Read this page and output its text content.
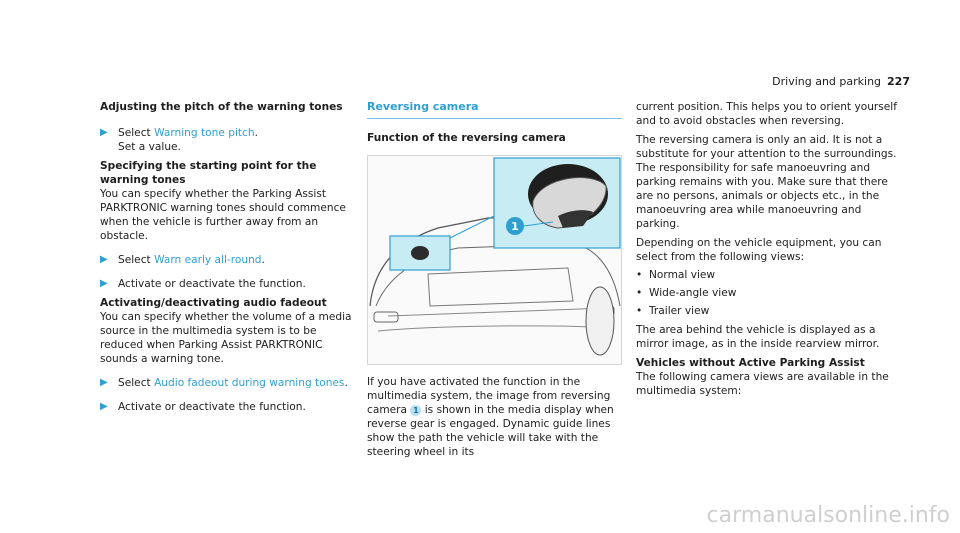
Driving and parking 227

Adjusting the pitch of the warning tones

▶ Select Warning tone pitch.

Set a value.

Specifying the starting point for the warning tones

You can specify whether the Parking Assist PARKTRONIC warning tones should commence when the vehicle is further away from an obstacle.

▶ Select Warn early all-round.

▶ Activate or deactivate the function.

Activating/deactivating audio fadeout

You can specify whether the volume of a media source in the multimedia system is to be reduced when Parking Assist PARKTRONIC sounds a warning tone.

▶ Select Audio fadeout during warning tones.

▶ Activate or deactivate the function.

Reversing camera

Function of the reversing camera

1

If you have activated the function in the multimedia system, the image from reversing camera 1 is shown in the media display when reverse gear is engaged. Dynamic guide lines show the path the vehicle will take with the steering wheel in its

current position. This helps you to orient yourself and to avoid obstacles when reversing.

The reversing camera is only an aid. It is not a substitute for your attention to the surroundings. The responsibility for safe manoeuvring and parking remains with you. Make sure that there are no persons, animals or objects etc., in the manoeuvring area while manoeuvring and parking.

Depending on the vehicle equipment, you can select from the following views:

• Normal view
• Wide-angle view
• Trailer view

The area behind the vehicle is displayed as a mirror image, as in the inside rearview mirror.

Vehicles without Active Parking Assist

The following camera views are available in the multimedia system:

carmanualsonline.info
